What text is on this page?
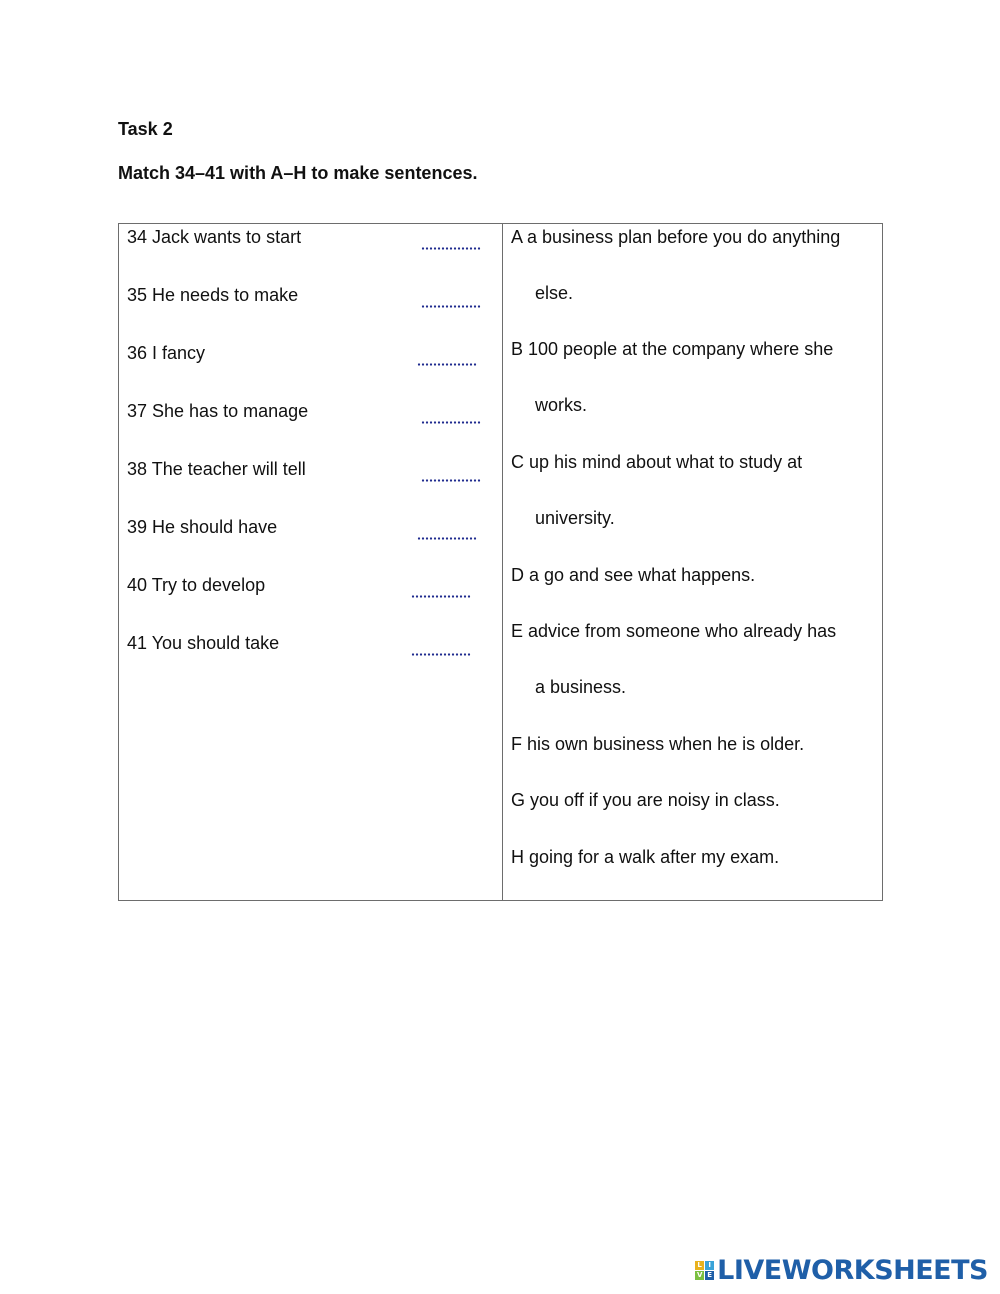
Task 2
Match 34–41 with A–H to make sentences.
34 Jack wants to start
35 He needs to make
36 I fancy
37 She has to manage
38 The teacher will tell
39 He should have
40 Try to develop
41 You should take
A a business plan before you do anything
else.
B 100 people at the company where she
works.
C up his mind about what to study at
university.
D a go and see what happens.
E advice from someone who already has
a business.
F his own business when he is older.
G you off if you are noisy in class.
H going for a walk after my exam.
L I
V E LIVEWORKSHEETS
